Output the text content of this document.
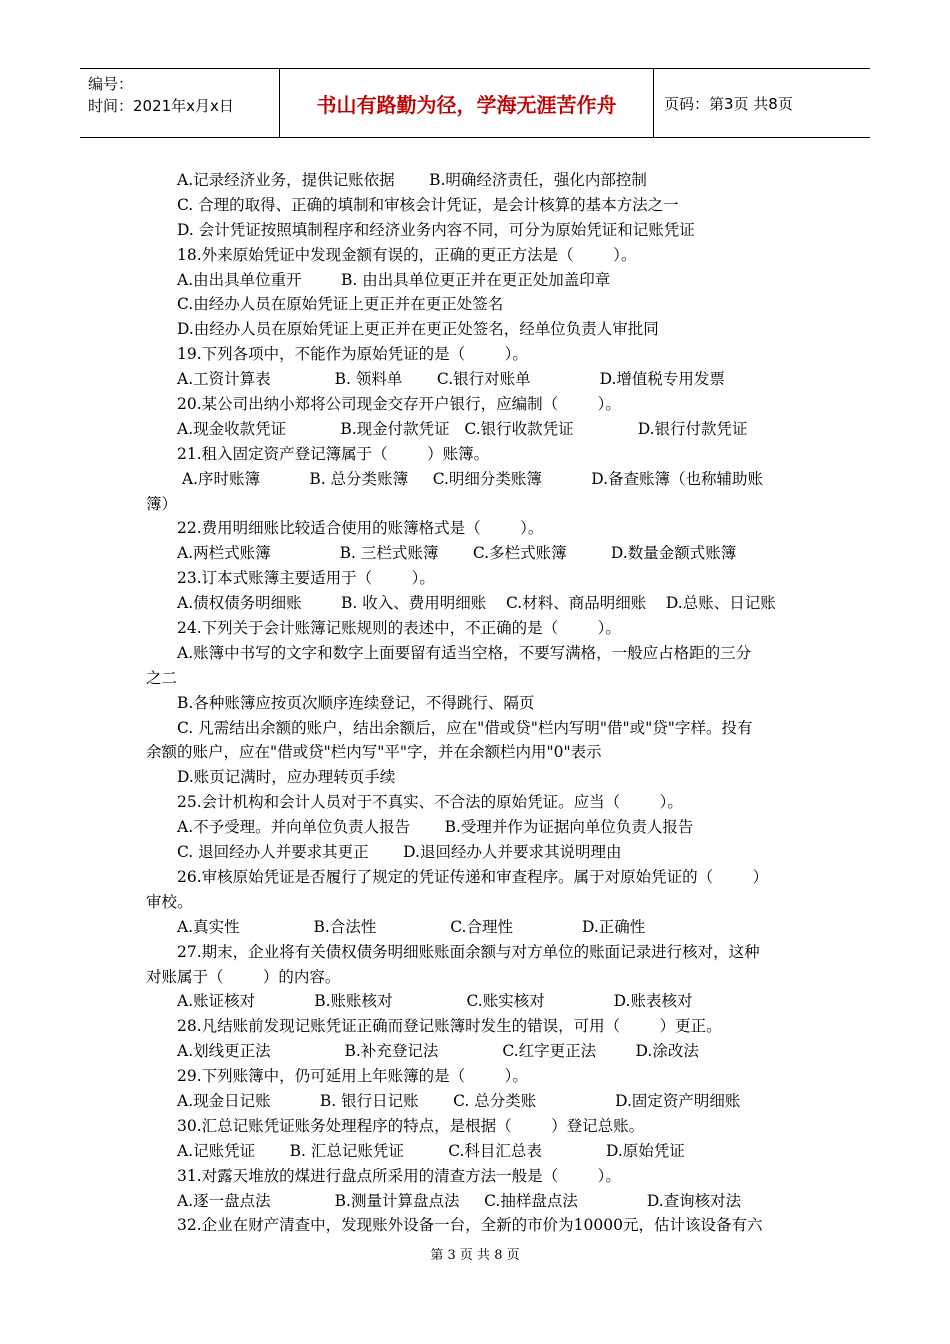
编号：
时间：2021年x月x日	书山有路勤为径，学海无涯苦作舟	页码：第3页 共8页
A.记录经济业务，提供记账依据       B.明确经济责任，强化内部控制
C. 合理的取得、正确的填制和审核会计凭证，是会计核算的基本方法之一
D. 会计凭证按照填制程序和经济业务内容不同，可分为原始凭证和记账凭证
18.外来原始凭证中发现金额有误的，正确的更正方法是（        ）。
A.由出具单位重开        B. 由出具单位更正并在更正处加盖印章
C.由经办人员在原始凭证上更正并在更正处签名
D.由经办人员在原始凭证上更正并在更正处签名，经单位负责人审批同
19.下列各项中，不能作为原始凭证的是（        ）。
A.工资计算表             B. 领料单       C.银行对账单              D.增值税专用发票
20.某公司出纳小郑将公司现金交存开户银行，应编制（        ）。
A.现金收款凭证           B.现金付款凭证   C.银行收款凭证             D.银行付款凭证
21.租入固定资产登记簿属于（        ）账簿。
A.序时账簿          B. 总分类账簿     C.明细分类账簿          D.备查账簿（也称辅助账
簿）
22.费用明细账比较适合使用的账簿格式是（        ）。
A.两栏式账簿              B. 三栏式账簿       C.多栏式账簿         D.数量金额式账簿
23.订本式账簿主要适用于（        ）。
A.债权债务明细账        B. 收入、费用明细账    C.材料、商品明细账    D.总账、日记账
24.下列关于会计账簿记账规则的表述中，不正确的是（        ）。
A.账簿中书写的文字和数字上面要留有适当空格，不要写满格，一般应占格距的三分
之二
B.各种账簿应按页次顺序连续登记，不得跳行、隔页
C. 凡需结出余额的账户，结出余额后，应在"借或贷"栏内写明"借"或"贷"字样。投有
余额的账户，应在"借或贷"栏内写"平"字，并在余额栏内用"0"表示
D.账页记满时，应办理转页手续
25.会计机构和会计人员对于不真实、不合法的原始凭证。应当（        ）。
A.不予受理。并向单位负责人报告       B.受理并作为证据向单位负责人报告
C. 退回经办人并要求其更正       D.退回经办人并要求其说明理由
26.审核原始凭证是否履行了规定的凭证传递和审查程序。属于对原始凭证的（        ）
审校。
A.真实性               B.合法性               C.合理性              D.正确性
27.期末，企业将有关债权债务明细账账面余额与对方单位的账面记录进行核对，这种
对账属于（        ）的内容。
A.账证核对            B.账账核对               C.账实核对              D.账表核对
28.凡结账前发现记账凭证正确而登记账簿时发生的错误，可用（        ）更正。
A.划线更正法               B.补充登记法             C.红字更正法        D.涂改法
29.下列账簿中，仍可延用上年账簿的是（        ）。
A.现金日记账          B. 银行日记账       C. 总分类账                D.固定资产明细账
30.汇总记账凭证账务处理程序的特点，是根据（        ）登记总账。
A.记账凭证       B. 汇总记账凭证         C.科目汇总表             D.原始凭证
31.对露天堆放的煤进行盘点所采用的清查方法一般是（        ）。
A.逐一盘点法             B.测量计算盘点法     C.抽样盘点法              D.查询核对法
32.企业在财产清查中，发现账外设备一台，全新的市价为10000元，估计该设备有六
第 3 页 共 8 页
